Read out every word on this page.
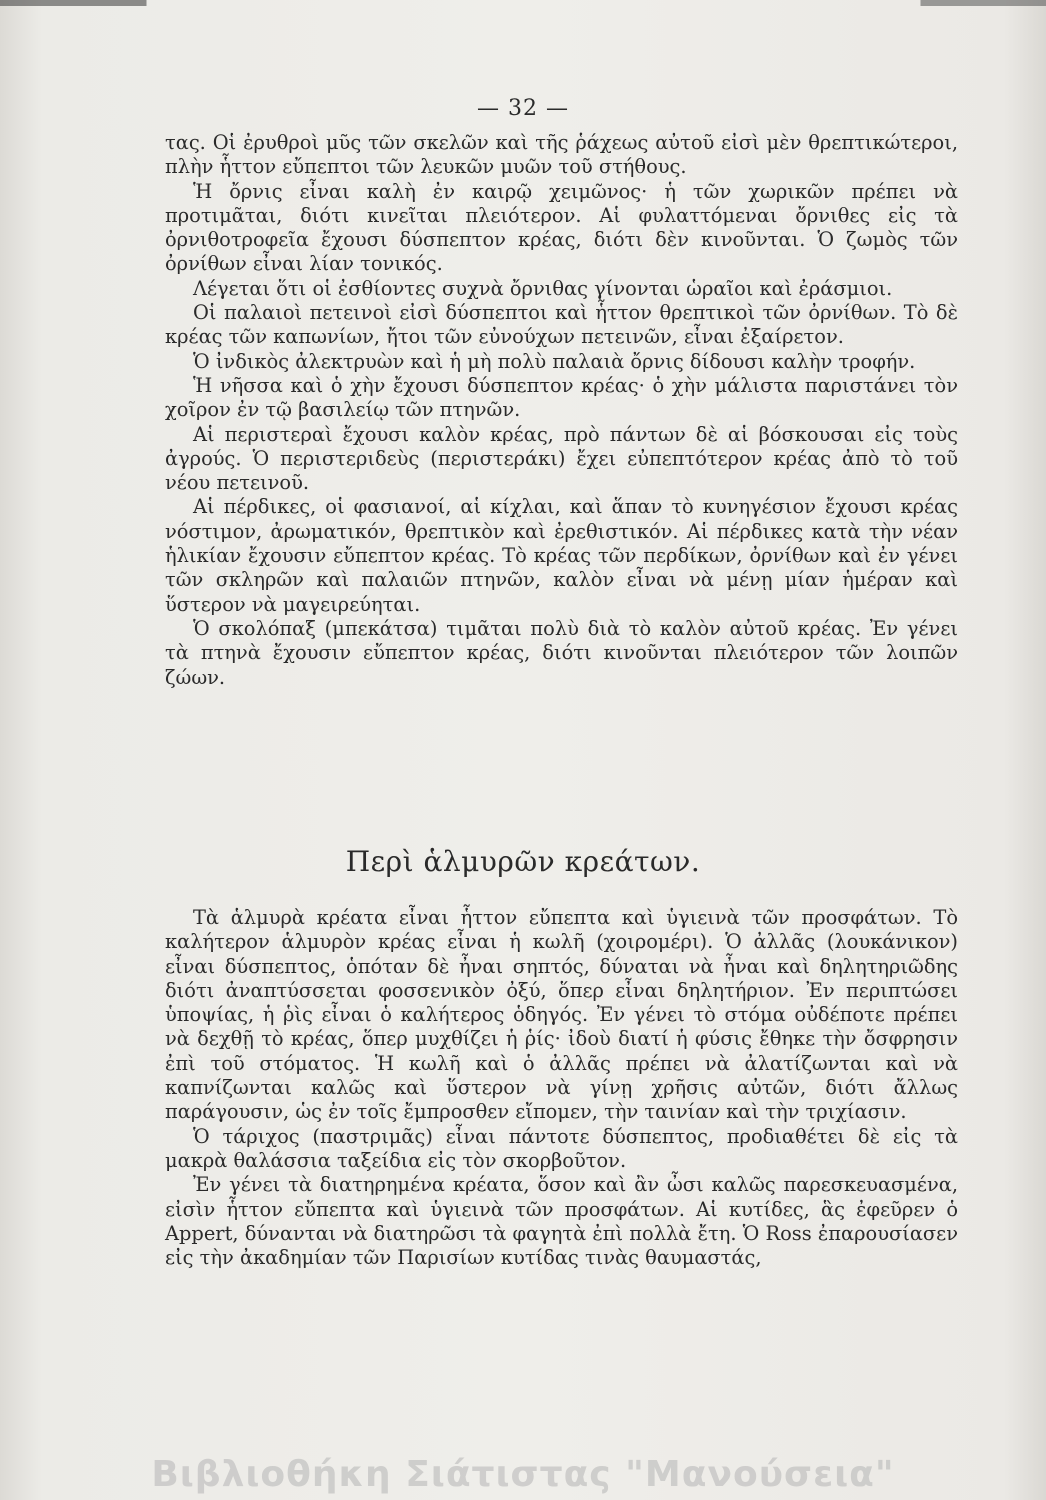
— 32 —

τας. Οἱ ἐρυθροὶ μῦς τῶν σκελῶν καὶ τῆς ῥάχεως αὐτοῦ εἰσὶ μὲν θρεπτικώτεροι, πλὴν ἧττον εὔπεπτοι τῶν λευκῶν μυῶν τοῦ στήθους.

Ἡ ὄρνις εἶναι καλὴ ἐν καιρῷ χειμῶνος· ἡ τῶν χωρικῶν πρέπει νὰ προτιμᾶται, διότι κινεῖται πλειότερον. Αἱ φυλαττόμεναι ὄρνιθες εἰς τὰ ὀρνιθοτροφεῖα ἔχουσι δύσπεπτον κρέας, διότι δὲν κινοῦνται. Ὁ ζωμὸς τῶν ὀρνίθων εἶναι λίαν τονικός.

Λέγεται ὅτι οἱ ἐσθίοντες συχνὰ ὄρνιθας γίνονται ὡραῖοι καὶ ἐράσμιοι.

Οἱ παλαιοὶ πετεινοὶ εἰσὶ δύσπεπτοι καὶ ἧττον θρεπτικοὶ τῶν ὀρνίθων. Τὸ δὲ κρέας τῶν καπωνίων, ἤτοι τῶν εὐνούχων πετεινῶν, εἶναι ἐξαίρετον.

Ὁ ἰνδικὸς ἀλεκτρυὼν καὶ ἡ μὴ πολὺ παλαιὰ ὄρνις δίδουσι καλὴν τροφήν.

Ἡ νῆσσα καὶ ὁ χὴν ἔχουσι δύσπεπτον κρέας· ὁ χὴν μάλιστα παριστάνει τὸν χοῖρον ἐν τῷ βασιλείῳ τῶν πτηνῶν.

Αἱ περιστεραὶ ἔχουσι καλὸν κρέας, πρὸ πάντων δὲ αἱ βόσκουσαι εἰς τοὺς ἀγρούς. Ὁ περιστεριδεὺς (περιστεράκι) ἔχει εὐπεπτότερον κρέας ἀπὸ τὸ τοῦ νέου πετεινοῦ.

Αἱ πέρδικες, οἱ φασιανοί, αἱ κίχλαι, καὶ ἅπαν τὸ κυνηγέσιον ἔχουσι κρέας νόστιμον, ἀρωματικόν, θρεπτικὸν καὶ ἐρεθιστικόν. Αἱ πέρδικες κατὰ τὴν νέαν ἡλικίαν ἔχουσιν εὔπεπτον κρέας. Τὸ κρέας τῶν περδίκων, ὀρνίθων καὶ ἐν γένει τῶν σκληρῶν καὶ παλαιῶν πτηνῶν, καλὸν εἶναι νὰ μένῃ μίαν ἡμέραν καὶ ὕστερον νὰ μαγειρεύηται.

Ὁ σκολόπαξ (μπεκάτσα) τιμᾶται πολὺ διὰ τὸ καλὸν αὐτοῦ κρέας. Ἐν γένει τὰ πτηνὰ ἔχουσιν εὔπεπτον κρέας, διότι κινοῦνται πλειότερον τῶν λοιπῶν ζώων.

Περὶ ἁλμυρῶν κρεάτων.

Τὰ ἁλμυρὰ κρέατα εἶναι ἧττον εὔπεπτα καὶ ὑγιεινὰ τῶν προσφάτων. Τὸ καλήτερον ἁλμυρὸν κρέας εἶναι ἡ κωλῆ (χοιρομέρι). Ὁ ἀλλᾶς (λουκάνικον) εἶναι δύσπεπτος, ὁπόταν δὲ ἦναι σηπτός, δύναται νὰ ἦναι καὶ δηλητηριῶδης διότι ἀναπτύσσεται φοσσενικὸν ὀξύ, ὅπερ εἶναι δηλητήριον. Ἐν περιπτώσει ὑποψίας, ἡ ῥὶς εἶναι ὁ καλήτερος ὁδηγός. Ἐν γένει τὸ στόμα οὐδέποτε πρέπει νὰ δεχθῇ τὸ κρέας, ὅπερ μυχθίζει ἡ ῥίς· ἰδοὺ διατί ἡ φύσις ἔθηκε τὴν ὄσφρησιν ἐπὶ τοῦ στόματος. Ἡ κωλῆ καὶ ὁ ἀλλᾶς πρέπει νὰ ἀλατίζωνται καὶ νὰ καπνίζωνται καλῶς καὶ ὕστερον νὰ γίνῃ χρῆσις αὐτῶν, διότι ἄλλως παράγουσιν, ὡς ἐν τοῖς ἔμπροσθεν εἴπομεν, τὴν ταινίαν καὶ τὴν τριχίασιν.

Ὁ τάριχος (παστριμᾶς) εἶναι πάντοτε δύσπεπτος, προδιαθέτει δὲ εἰς τὰ μακρὰ θαλάσσια ταξείδια εἰς τὸν σκορβοῦτον.

Ἐν γένει τὰ διατηρημένα κρέατα, ὅσον καὶ ἂν ὦσι καλῶς παρεσκευασμένα, εἰσὶν ἧττον εὔπεπτα καὶ ὑγιεινὰ τῶν προσφάτων. Αἱ κυτίδες, ἃς ἐφεῦρεν ὁ Appert, δύνανται νὰ διατηρῶσι τὰ φαγητὰ ἐπὶ πολλὰ ἔτη. Ὁ Ross ἐπαρουσίασεν εἰς τὴν ἀκαδημίαν τῶν Παρισίων κυτίδας τινὰς θαυμαστάς,

Βιβλιοθήκη Σιάτιστας "Μανούσεια"
